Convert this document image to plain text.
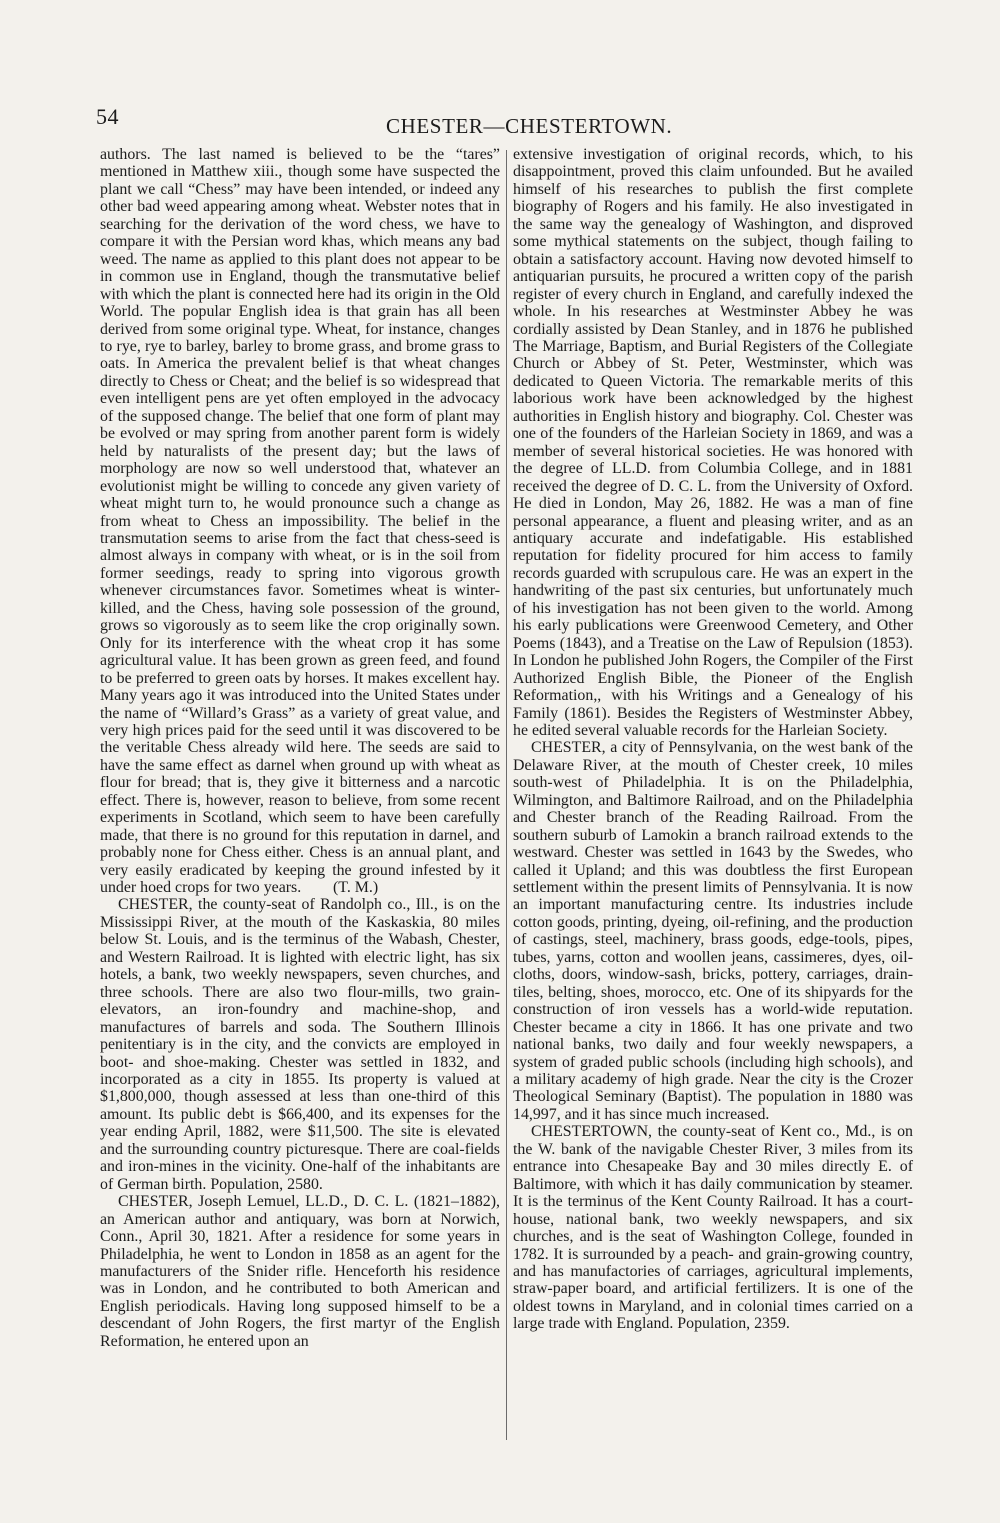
54	CHESTER—CHESTERTOWN.

authors. The last named is believed to be the “tares” mentioned in Matthew xiii., though some have suspected the plant we call “Chess” may have been intended, or indeed any other bad weed appearing among wheat. Webster notes that in searching for the derivation of the word chess, we have to compare it with the Persian word khas, which means any bad weed. The name as applied to this plant does not appear to be in common use in England, though the transmutative belief with which the plant is connected here had its origin in the Old World. The popular English idea is that grain has all been derived from some original type. Wheat, for instance, changes to rye, rye to barley, barley to brome grass, and brome grass to oats. In America the prevalent belief is that wheat changes directly to Chess or Cheat; and the belief is so widespread that even intelligent pens are yet often employed in the advocacy of the supposed change. The belief that one form of plant may be evolved or may spring from another parent form is widely held by naturalists of the present day; but the laws of morphology are now so well understood that, whatever an evolutionist might be willing to concede any given variety of wheat might turn to, he would pronounce such a change as from wheat to Chess an impossibility. The belief in the transmutation seems to arise from the fact that chess-seed is almost always in company with wheat, or is in the soil from former seedings, ready to spring into vigorous growth whenever circumstances favor. Sometimes wheat is winter-killed, and the Chess, having sole possession of the ground, grows so vigorously as to seem like the crop originally sown. Only for its interference with the wheat crop it has some agricultural value. It has been grown as green feed, and found to be preferred to green oats by horses. It makes excellent hay. Many years ago it was introduced into the United States under the name of “Willard’s Grass” as a variety of great value, and very high prices paid for the seed until it was discovered to be the veritable Chess already wild here. The seeds are said to have the same effect as darnel when ground up with wheat as flour for bread; that is, they give it bitterness and a narcotic effect. There is, however, reason to believe, from some recent experiments in Scotland, which seem to have been carefully made, that there is no ground for this reputation in darnel, and probably none for Chess either. Chess is an annual plant, and very easily eradicated by keeping the ground infested by it under hoed crops for two years. (T. M.)

CHESTER, the county-seat of Randolph co., Ill., is on the Mississippi River, at the mouth of the Kaskaskia, 80 miles below St. Louis, and is the terminus of the Wabash, Chester, and Western Railroad. It is lighted with electric light, has six hotels, a bank, two weekly newspapers, seven churches, and three schools. There are also two flour-mills, two grain-elevators, an iron-foundry and machine-shop, and manufactures of barrels and soda. The Southern Illinois penitentiary is in the city, and the convicts are employed in boot- and shoe-making. Chester was settled in 1832, and incorporated as a city in 1855. Its property is valued at $1,800,000, though assessed at less than one-third of this amount. Its public debt is $66,400, and its expenses for the year ending April, 1882, were $11,500. The site is elevated and the surrounding country picturesque. There are coal-fields and iron-mines in the vicinity. One-half of the inhabitants are of German birth. Population, 2580.

CHESTER, Joseph Lemuel, LL.D., D. C. L. (1821–1882), an American author and antiquary, was born at Norwich, Conn., April 30, 1821. After a residence for some years in Philadelphia, he went to London in 1858 as an agent for the manufacturers of the Snider rifle. Henceforth his residence was in London, and he contributed to both American and English periodicals. Having long supposed himself to be a descendant of John Rogers, the first martyr of the English Reformation, he entered upon an

extensive investigation of original records, which, to his disappointment, proved this claim unfounded. But he availed himself of his researches to publish the first complete biography of Rogers and his family. He also investigated in the same way the genealogy of Washington, and disproved some mythical statements on the subject, though failing to obtain a satisfactory account. Having now devoted himself to antiquarian pursuits, he procured a written copy of the parish register of every church in England, and carefully indexed the whole. In his researches at Westminster Abbey he was cordially assisted by Dean Stanley, and in 1876 he published The Marriage, Baptism, and Burial Registers of the Collegiate Church or Abbey of St. Peter, Westminster, which was dedicated to Queen Victoria. The remarkable merits of this laborious work have been acknowledged by the highest authorities in English history and biography. Col. Chester was one of the founders of the Harleian Society in 1869, and was a member of several historical societies. He was honored with the degree of LL.D. from Columbia College, and in 1881 received the degree of D. C. L. from the University of Oxford. He died in London, May 26, 1882. He was a man of fine personal appearance, a fluent and pleasing writer, and as an antiquary accurate and indefatigable. His established reputation for fidelity procured for him access to family records guarded with scrupulous care. He was an expert in the handwriting of the past six centuries, but unfortunately much of his investigation has not been given to the world. Among his early publications were Greenwood Cemetery, and Other Poems (1843), and a Treatise on the Law of Repulsion (1853). In London he published John Rogers, the Compiler of the First Authorized English Bible, the Pioneer of the English Reformation,, with his Writings and a Genealogy of his Family (1861). Besides the Registers of Westminster Abbey, he edited several valuable records for the Harleian Society.

CHESTER, a city of Pennsylvania, on the west bank of the Delaware River, at the mouth of Chester creek, 10 miles south-west of Philadelphia. It is on the Philadelphia, Wilmington, and Baltimore Railroad, and on the Philadelphia and Chester branch of the Reading Railroad. From the southern suburb of Lamokin a branch railroad extends to the westward. Chester was settled in 1643 by the Swedes, who called it Upland; and this was doubtless the first European settlement within the present limits of Pennsylvania. It is now an important manufacturing centre. Its industries include cotton goods, printing, dyeing, oil-refining, and the production of castings, steel, machinery, brass goods, edge-tools, pipes, tubes, yarns, cotton and woollen jeans, cassimeres, dyes, oil-cloths, doors, window-sash, bricks, pottery, carriages, drain-tiles, belting, shoes, morocco, etc. One of its shipyards for the construction of iron vessels has a world-wide reputation. Chester became a city in 1866. It has one private and two national banks, two daily and four weekly newspapers, a system of graded public schools (including high schools), and a military academy of high grade. Near the city is the Crozer Theological Seminary (Baptist). The population in 1880 was 14,997, and it has since much increased.

CHESTERTOWN, the county-seat of Kent co., Md., is on the W. bank of the navigable Chester River, 3 miles from its entrance into Chesapeake Bay and 30 miles directly E. of Baltimore, with which it has daily communication by steamer. It is the terminus of the Kent County Railroad. It has a court-house, national bank, two weekly newspapers, and six churches, and is the seat of Washington College, founded in 1782. It is surrounded by a peach- and grain-growing country, and has manufactories of carriages, agricultural implements, straw-paper board, and artificial fertilizers. It is one of the oldest towns in Maryland, and in colonial times carried on a large trade with England. Population, 2359.
